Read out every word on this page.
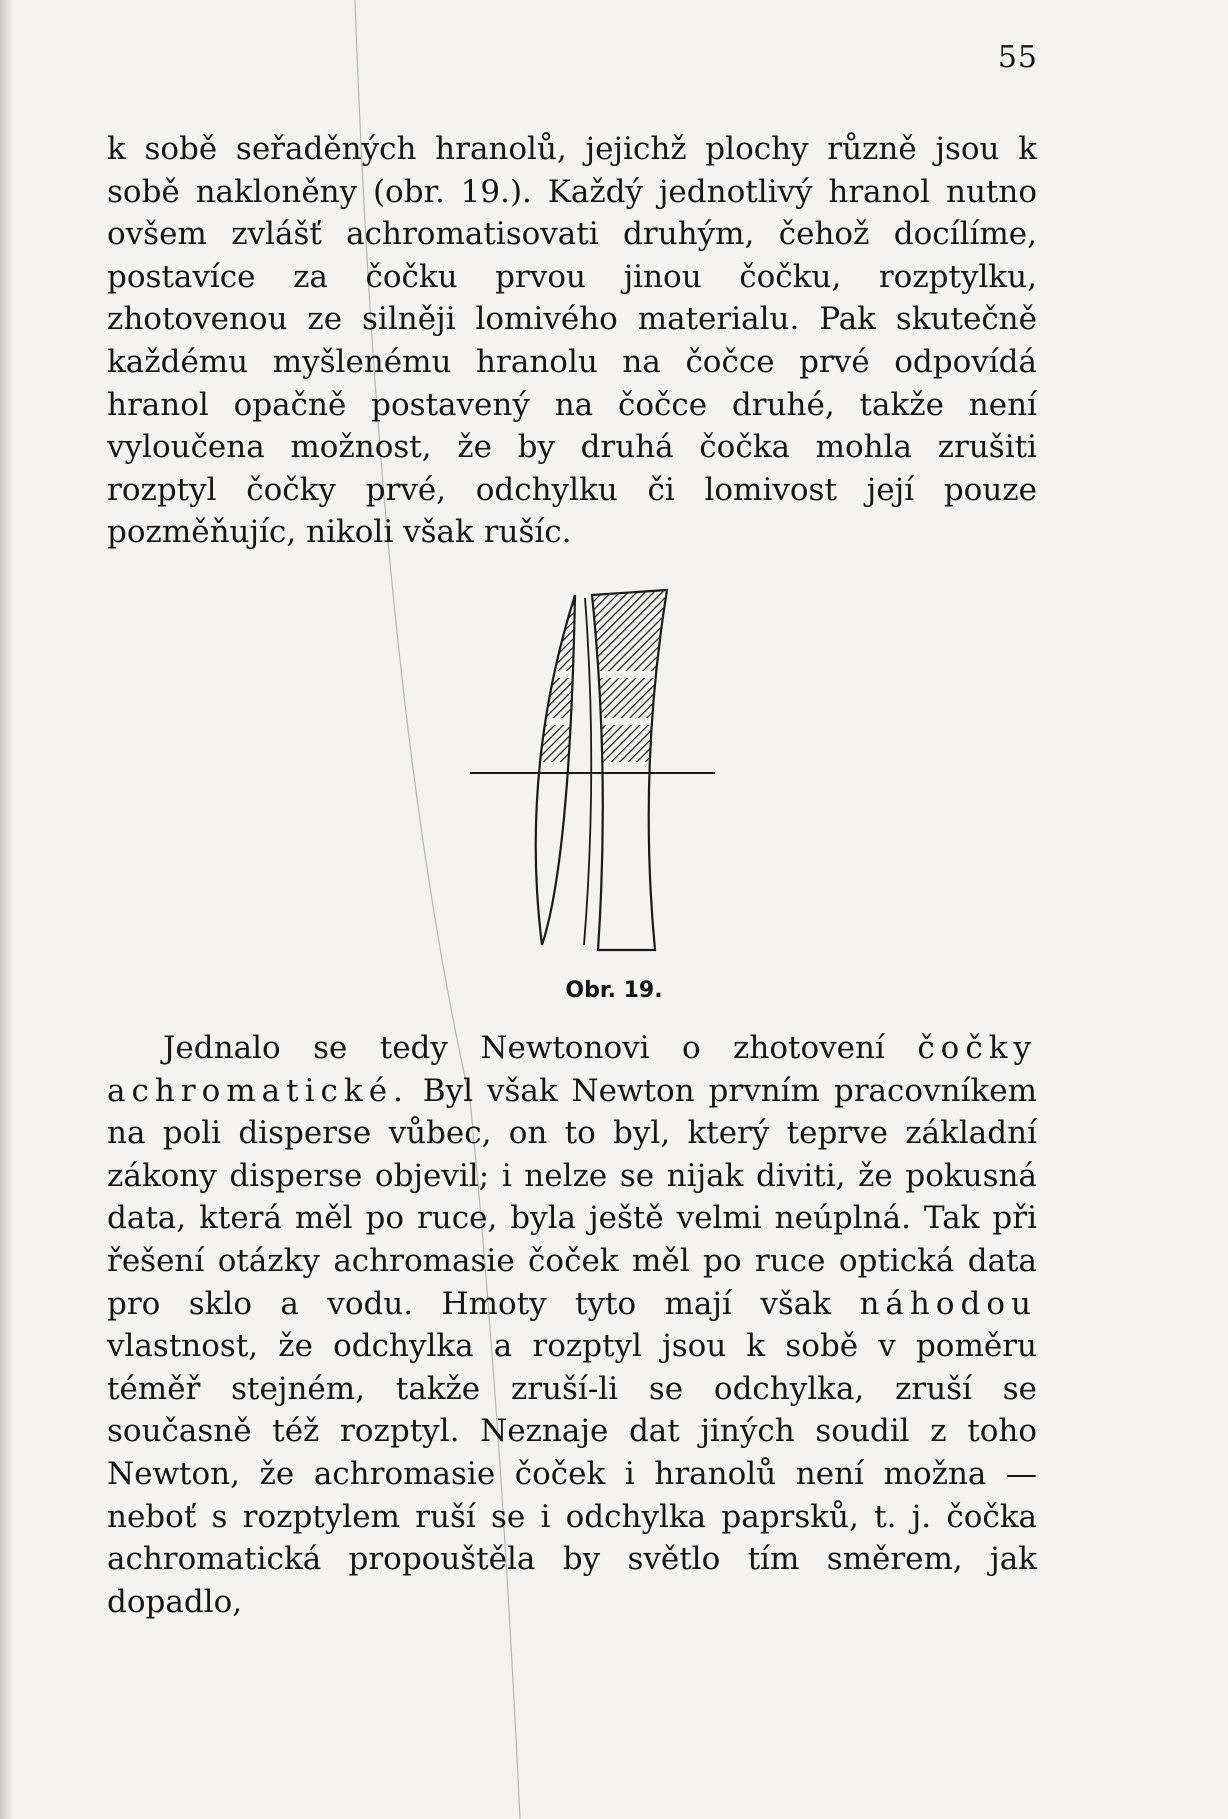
55

k sobě seřaděných hranolů, jejichž plochy různě jsou k sobě nakloněny (obr. 19.). Každý jednotlivý hranol nutno ovšem zvlášť achromatisovati druhým, čehož docílíme, postavíce za čočku prvou jinou čočku, rozptylku, zhotovenou ze silněji lomivého materialu. Pak skutečně každému myšlenému hranolu na čočce prvé odpovídá hranol opačně postavený na čočce druhé, takže není vyloučena možnost, že by druhá čočka mohla zrušiti rozptyl čočky prvé, odchylku či lomivost její pouze pozměňujíc, nikoli však rušíc.

Obr. 19.

Jednalo se tedy Newtonovi o zhotovení čočky achromatické. Byl však Newton prvním pracovníkem na poli disperse vůbec, on to byl, který teprve základní zákony disperse objevil; i nelze se nijak diviti, že pokusná data, která měl po ruce, byla ještě velmi neúplná. Tak při řešení otázky achromasie čoček měl po ruce optická data pro sklo a vodu. Hmoty tyto mají však náhodou vlastnost, že odchylka a rozptyl jsou k sobě v poměru téměř stejném, takže zruší-li se odchylka, zruší se současně též rozptyl. Neznaje dat jiných soudil z toho Newton, že achromasie čoček i hranolů není možna — neboť s rozptylem ruší se i odchylka paprsků, t. j. čočka achromatická propouštěla by světlo tím směrem, jak dopadlo,
